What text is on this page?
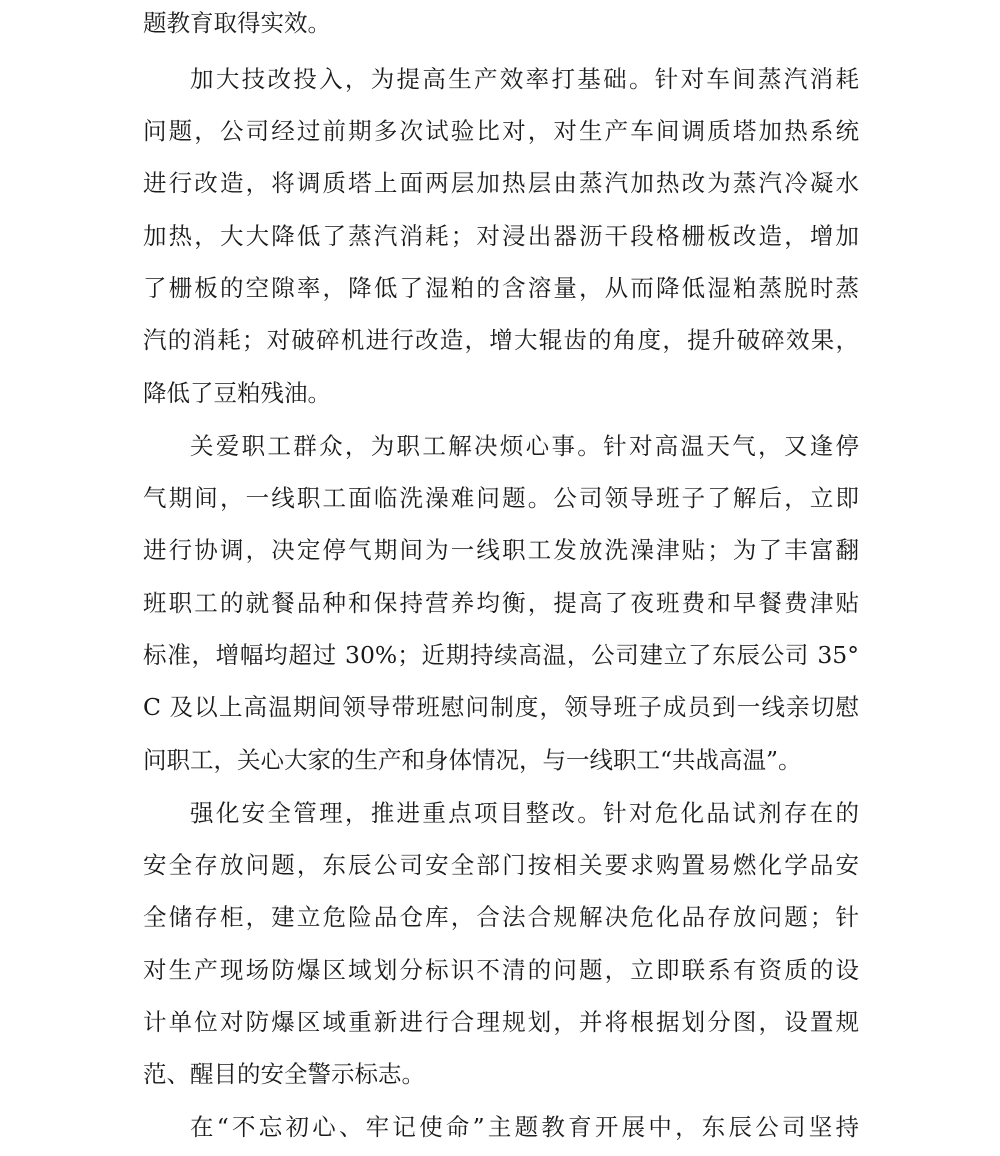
题教育取得实效。
加大技改投入，为提高生产效率打基础。针对车间蒸汽消耗
问题，公司经过前期多次试验比对，对生产车间调质塔加热系统
进行改造，将调质塔上面两层加热层由蒸汽加热改为蒸汽冷凝水
加热，大大降低了蒸汽消耗；对浸出器沥干段格栅板改造，增加
了栅板的空隙率，降低了湿粕的含溶量，从而降低湿粕蒸脱时蒸
汽的消耗；对破碎机进行改造，增大辊齿的角度，提升破碎效果，
降低了豆粕残油。
关爱职工群众，为职工解决烦心事。针对高温天气，又逢停
气期间，一线职工面临洗澡难问题。公司领导班子了解后，立即
进行协调，决定停气期间为一线职工发放洗澡津贴；为了丰富翻
班职工的就餐品种和保持营养均衡，提高了夜班费和早餐费津贴
标准，增幅均超过 30%；近期持续高温，公司建立了东辰公司 35°
C 及以上高温期间领导带班慰问制度，领导班子成员到一线亲切慰
问职工，关心大家的生产和身体情况，与一线职工“共战高温”。
强化安全管理，推进重点项目整改。针对危化品试剂存在的
安全存放问题，东辰公司安全部门按相关要求购置易燃化学品安
全储存柜，建立危险品仓库，合法合规解决危化品存放问题；针
对生产现场防爆区域划分标识不清的问题，立即联系有资质的设
计单位对防爆区域重新进行合理规划，并将根据划分图，设置规
范、醒目的安全警示标志。
在“不忘初心、牢记使命”主题教育开展中，东辰公司坚持
